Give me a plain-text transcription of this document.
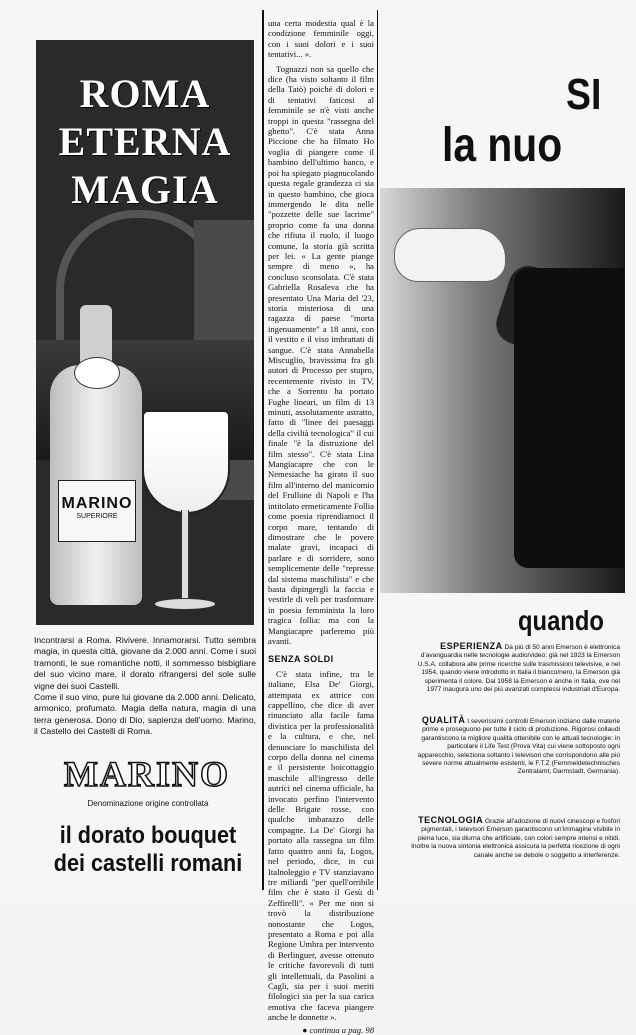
ROMA
ETERNA
MAGIA
MARINO
SUPERIORE

Incontrarsi a Roma. Rivivere. Innamorarsi. Tutto sembra magia, in questa città, giovane da 2.000 anni. Come i suoi tramonti, le sue romantiche notti, il sommesso bisbigliare del suo vicino mare, il dorato rifrangersi del sole sulle vigne dei suoi Castelli.

Come il suo vino, pure lui giovane da 2.000 anni. Delicato, armonico, profumato. Magia della natura, magia di una terra generosa. Dono di Dio, sapienza dell'uomo. Marino, il Castello dei Castelli di Roma.

MARINO
Denominazione origine controllata
il dorato bouquet
dei castelli romani

una certa modestia qual è la condizione femminile oggi, con i suoi dolori e i suoi tentativi... ».

Tognazzi non sa quello che dice (ha visto soltanto il film della Tatò) poiché di dolori e di tentativi faticosi al femminile se n'è visti anche troppi in questa "rassegna del ghetto". C'è stata Anna Piccione che ha filmato Ho voglia di piangere come il bambino dell'ultimo banco, e poi ha spiegato piagnucolando questa regale grandezza ci sia in questo bambino, che gioca immergendo le dita nelle "pozzette delle sue lacrime" proprio come fa una donna che rifiuta il ruolo, il luogo comune, la storia già scritta per lei. « La gente piange sempre di meno », ha concluso sconsolata. C'è stata Gabriella Rosaleva che ha presentato Una Maria del '23, storia misteriosa di una ragazza di paese "morta ingenuamente" a 18 anni, con il vestito e il viso imbrattati di sangue. C'è stata Annabella Miscuglio, bravissima fra gli autori di Processo per stupro, recentemente rivisto in TV, che a Sorrento ha portato Fughe lineari, un film di 13 minuti, assolutamente astratto, fatto di "linee dei paesaggi della civiltà tecnologica" il cui finale "è la distruzione del film stesso". C'è stata Lina Mangiacapre che con le Nemesiache ha girato il suo film all'interno del manicomio del Frullone di Napoli e l'ha intitolato ermeticamente Follia come poesia riprendiamoci il corpo mare, tentando di dimostrare che le povere malate gravi, incapaci di parlare e di sorridere, sono semplicemente delle "represse dal sistema maschilista" e che basta dipingergli la faccia e vestirle di veli per trasformare in poesia femminista la loro tragica follia: ma con la Mangiacapre parleremo più avanti.

SENZA SOLDI

C'è stata infine, tra le italiane, Elsa De' Giorgi, attempata ex attrice con cappellino, che dice di aver rinunciato alla facile fama divistica per la professionalità e la cultura, e che, nel denunciare lo maschilista del corpo della donna nel cinema e il persistente boicottaggio maschile all'ingresso delle autrici nel cinema ufficiale, ha invocato perfino l'intervento delle Brigate rosse, con qualche imbarazzo delle compagne. La De' Giorgi ha portato alla rassegna un film fatto quattro anni fa, Logos, nel periodo, dice, in cui Italnoleggio e TV stanziavano tre miliardi "per quell'orribile film che è stato il Gesù di Zeffirelli". « Per me non si trovò la distribuzione nonostante che Logos, presentato a Roma e poi alla Regione Umbra per intervento di Berlinguer, avesse ottenuto le critiche favorevoli di tutti gli intellettuali, da Pasolini a Cagli, sia per i suoi meriti filologici sia per la sua carica emotiva che faceva piangere anche le donnette ».

● continua a pag. 98
SI
la nuo
quando

ESPERIENZA Da più di 50 anni Emerson è elettronica d'avanguardia nelle tecnologie audio/video: già nel 1923 la Emerson U.S.A. collabora alle prime ricerche sulle trasmissioni televisive, e nel 1954, quando viene introdotto in Italia il bianco/nero, la Emerson già sperimenta il colore. Dal 1958 la Emerson è anche in Italia, ove nel 1977 inaugura uno dei più avanzati complessi industriali d'Europa.

QUALITÀ I severissimi controlli Emerson iniziano dalle materie prime e proseguono per tutte il ciclo di produzione. Rigorosi collaudi garantiscono la migliore qualità ottenibile con le attuali tecnologie: in particolare il Life Test (Prova Vita) cui viene sottoposto ogni apparecchio, seleziona soltanto i televisori che corrispondono alle più severe norme attualmente esistenti, le F.T.Z (Fernmeldetechnisches Zentralamt, Darmstadt, Germania).

TECNOLOGIA Grazie all'adozione di nuovi cinescopi e fosfori pigmentati, i televisori Emerson garantiscono un'immagine visibile in piena luce, sia diurna che artificiale, con colori sempre intensi e nitidi. Inoltre la nuova sintonia elettronica assicura la perfetta ricezione di ogni canale anche se debole o soggetto a interferenze.
